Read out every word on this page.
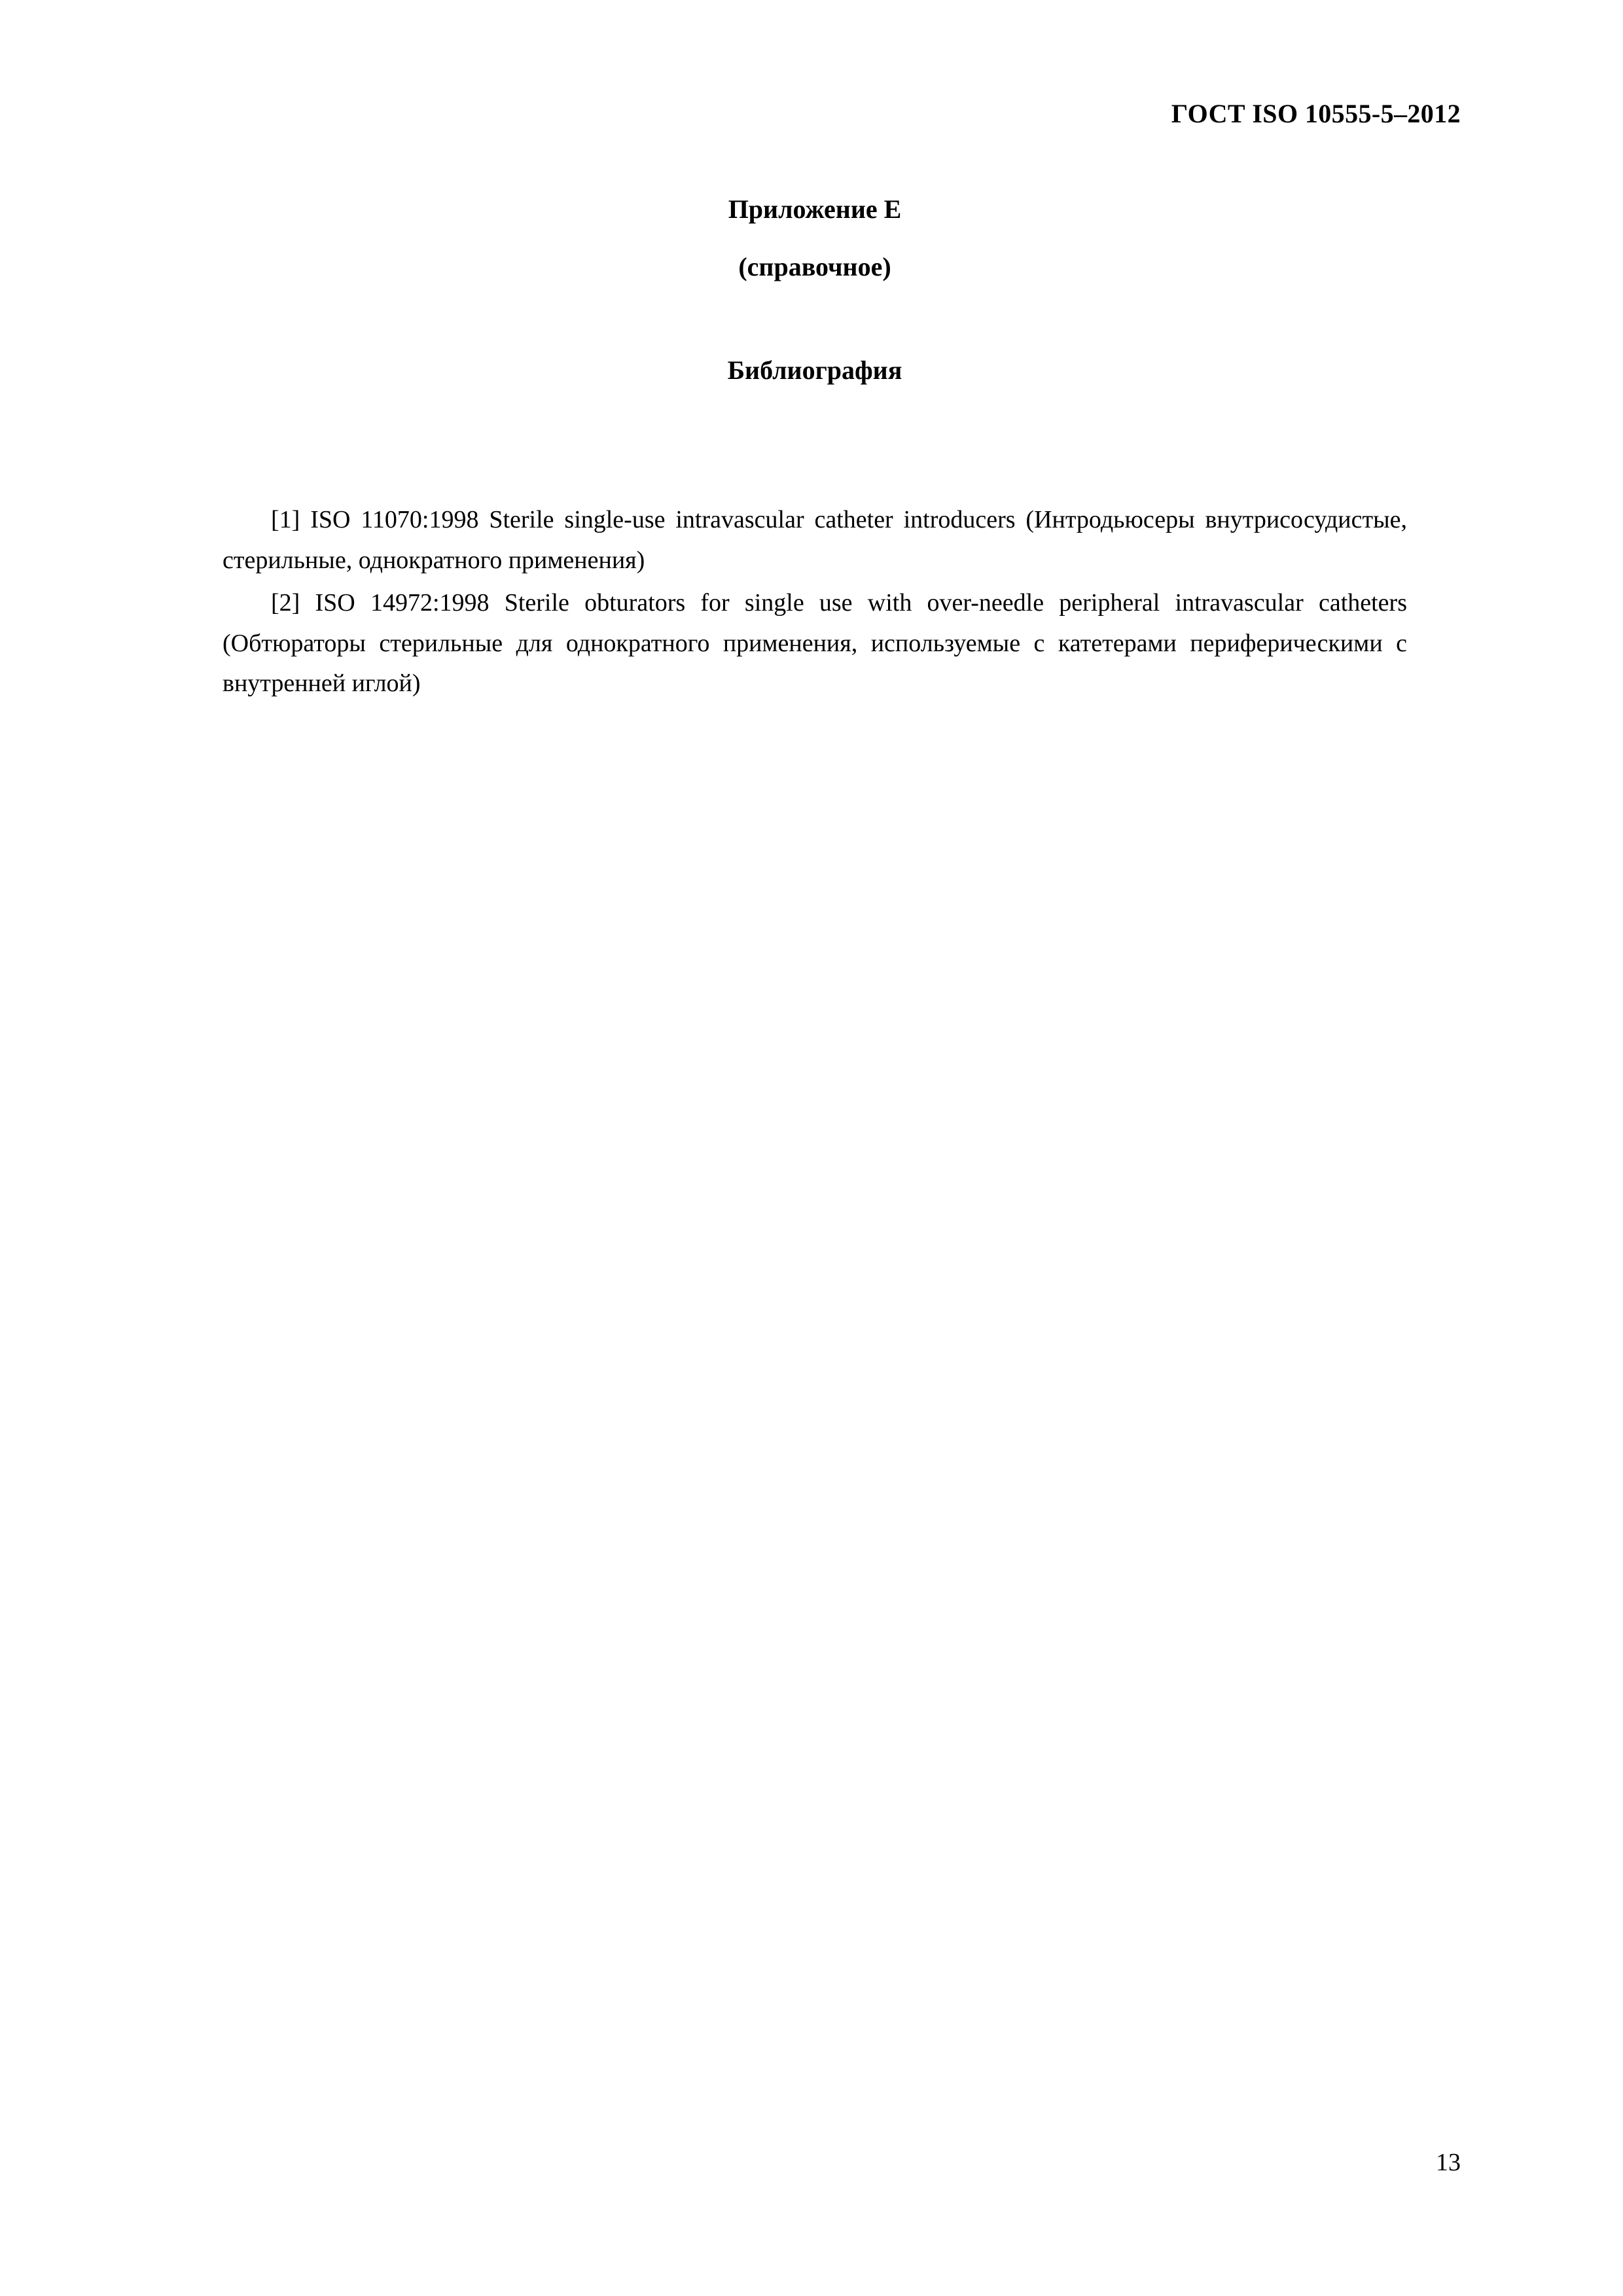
ГОСТ ISO 10555-5–2012
Приложение Е
(справочное)
Библиография

[1] ISO 11070:1998 Sterile single-use intravascular catheter introducers (Интродьюсеры внутрисосудистые, стерильные, однократного применения)

[2] ISO 14972:1998 Sterile obturators for single use with over-needle peripheral intravascular catheters (Обтюраторы стерильные для однократного применения, используемые с катетерами периферическими с внутренней иглой)

13
